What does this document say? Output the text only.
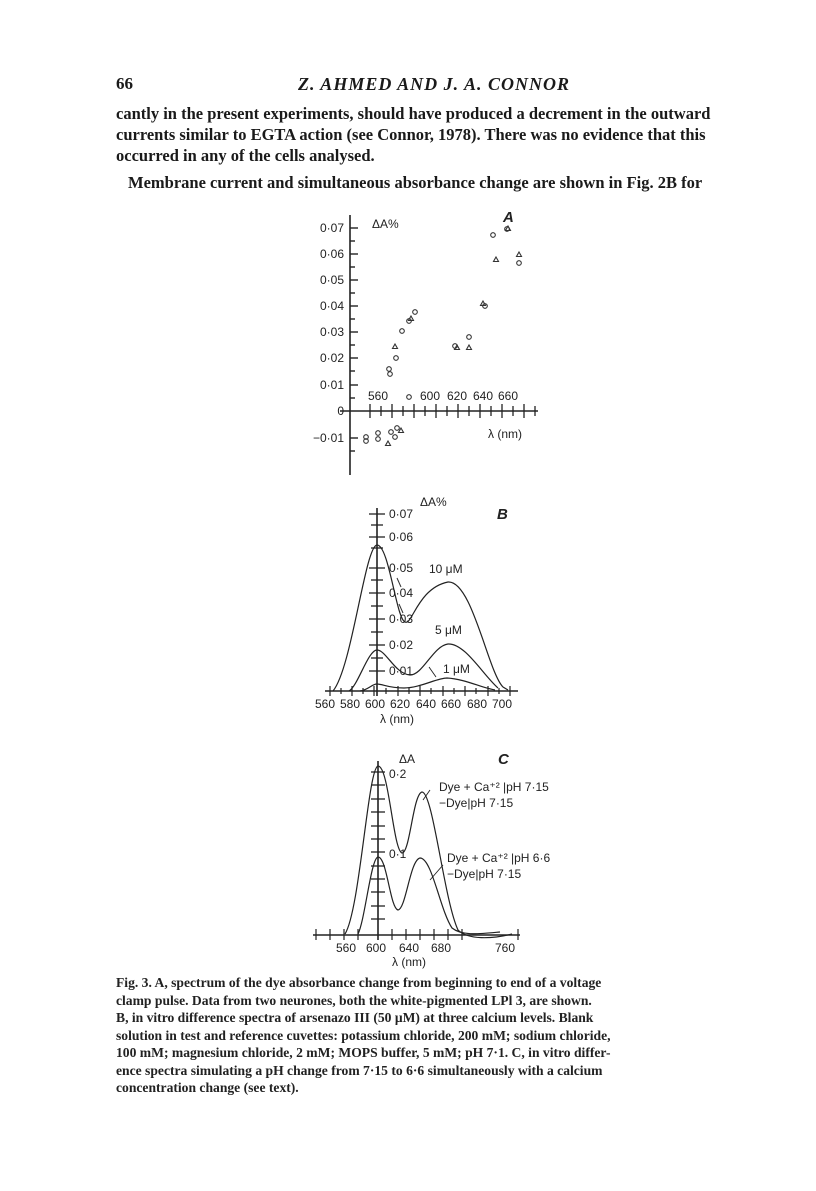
66	Z. AHMED AND J. A. CONNOR
cantly in the present experiments, should have produced a decrement in the outward
currents similar to EGTA action (see Connor, 1978). There was no evidence that this
occurred in any of the cells analysed.
Membrane current and simultaneous absorbance change are shown in Fig. 2B for
0·07
0·06
0·05
0·04
0·03
0·02
0·01
0
−0·01
560	600 620 640 660
ΔA%
λ (nm)
A
0·07
0·06
0·05
0·04
0·03
0·02
0·01
560 580 600 620 640 660 680 700
λ (nm)
ΔA%
B
10 μM
5 μM
1 μM
560 600 640 680	760
λ (nm)
ΔA	C
0·2
0·1
Dye + Ca⁺² |pH 7·15
−Dye|pH 7·15
Dye + Ca⁺² |pH 6·6
−Dye|pH 7·15
Fig. 3. A, spectrum of the dye absorbance change from beginning to end of a voltage
clamp pulse. Data from two neurones, both the white-pigmented LPl 3, are shown.
B, in vitro difference spectra of arsenazo III (50 μM) at three calcium levels. Blank
solution in test and reference cuvettes: potassium chloride, 200 mM; sodium chloride,
100 mM; magnesium chloride, 2 mM; MOPS buffer, 5 mM; pH 7·1. C, in vitro differ-
ence spectra simulating a pH change from 7·15 to 6·6 simultaneously with a calcium
concentration change (see text).
